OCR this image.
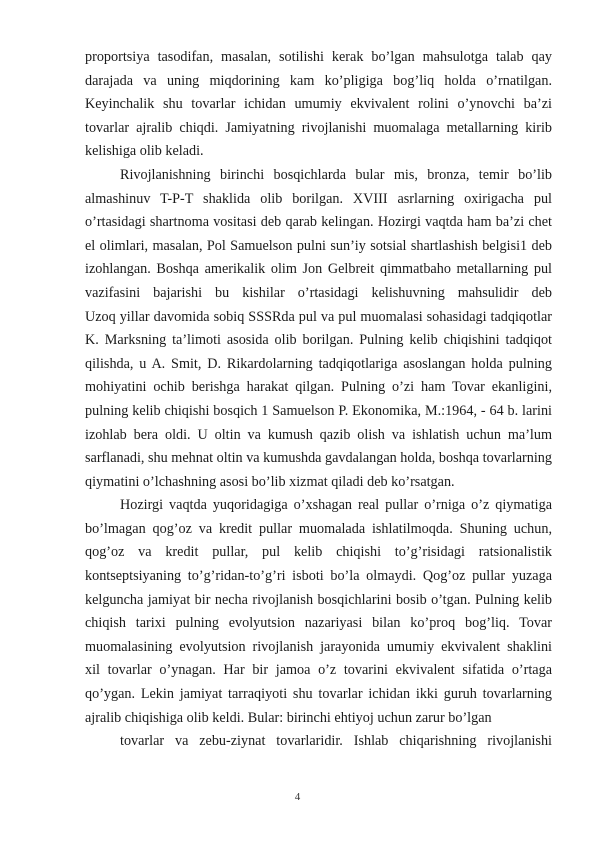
proportsiya tasodifan, masalan, sotilishi kerak bo’lgan mahsulotga talab qay
darajada va uning miqdorining kam ko’pligiga bog’liq holda o’rnatilgan.
Keyinchalik shu tovarlar ichidan umumiy ekvivalent rolini o’ynovchi ba’zi
tovarlar ajralib chiqdi. Jamiyatning rivojlanishi muomalaga metallarning kirib
kelishiga olib keladi.
Rivojlanishning birinchi bosqichlarda bular mis, bronza, temir bo’lib
almashinuv T-P-T shaklida olib borilgan. XVIII asrlarning oxirigacha pul
o’rtasidagi shartnoma vositasi deb qarab kelingan. Hozirgi vaqtda ham ba’zi chet
el olimlari, masalan, Pol Samuelson pulni sun’iy sotsial shartlashish belgisi1 deb
izohlangan. Boshqa amerikalik olim Jon Gelbreit qimmatbaho metallarning pul
vazifasini bajarishi bu kishilar o’rtasidagi kelishuvning mahsulidir deb
Uzoq yillar davomida sobiq SSSRda pul va pul muomalasi sohasidagi tadqiqotlar
K. Marksning ta’limoti asosida olib borilgan. Pulning kelib chiqishini tadqiqot
qilishda, u A. Smit, D. Rikardolarning tadqiqotlariga asoslangan holda pulning
mohiyatini ochib berishga harakat qilgan. Pulning o’zi ham Tovar ekanligini,
pulning kelib chiqishi bosqich 1 Samuelson P. Ekonomika, M.:1964, - 64 b. larini
izohlab bera oldi. U oltin va kumush qazib olish va ishlatish uchun ma’lum
sarflanadi, shu mehnat oltin va kumushda gavdalangan holda, boshqa tovarlarning
qiymatini o’lchashning asosi bo’lib xizmat qiladi deb ko’rsatgan.
Hozirgi vaqtda yuqoridagiga o’xshagan real pullar o’rniga o’z qiymatiga
bo’lmagan qog’oz va kredit pullar muomalada ishlatilmoqda. Shuning uchun,
qog’oz va kredit pullar, pul kelib chiqishi to’g’risidagi ratsionalistik
kontseptsiyaning to’g’ridan-to’g’ri isboti bo’la olmaydi. Qog’oz pullar yuzaga
kelguncha jamiyat bir necha rivojlanish bosqichlarini bosib o’tgan. Pulning kelib
chiqish tarixi pulning evolyutsion nazariyasi bilan ko’proq bog’liq. Tovar
muomalasining evolyutsion rivojlanish jarayonida umumiy ekvivalent shaklini
xil tovarlar o’ynagan. Har bir jamoa o’z tovarini ekvivalent sifatida o’rtaga
qo’ygan. Lekin jamiyat tarraqiyoti shu tovarlar ichidan ikki guruh tovarlarning
ajralib chiqishiga olib keldi. Bular: birinchi ehtiyoj uchun zarur bo’lgan
tovarlar va zebu-ziynat tovarlaridir. Ishlab chiqarishning rivojlanishi
4
